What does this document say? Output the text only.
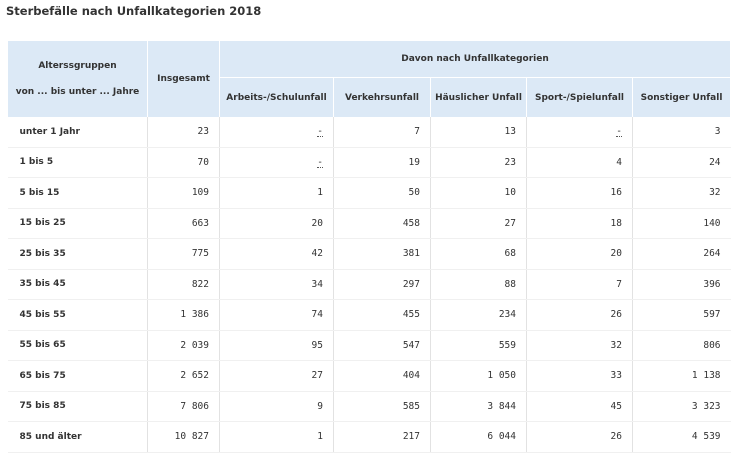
Sterbefälle nach Unfallkategorien 2018
Alterssgruppen
von ... bis unter ... Jahre	Insgesamt	Davon nach Unfallkategorien				
		Arbeits-/Schulunfall	Verkehrsunfall	Häuslicher Unfall	Sport-/Spielunfall	Sonstiger Unfall
unter 1 Jahr	23	-	7	13	-	3
1 bis 5	70	-	19	23	4	24
5 bis 15	109	1	50	10	16	32
15 bis 25	663	20	458	27	18	140
25 bis 35	775	42	381	68	20	264
35 bis 45	822	34	297	88	7	396
45 bis 55	1 386	74	455	234	26	597
55 bis 65	2 039	95	547	559	32	806
65 bis 75	2 652	27	404	1 050	33	1 138
75 bis 85	7 806	9	585	3 844	45	3 323
85 und älter	10 827	1	217	6 044	26	4 539
